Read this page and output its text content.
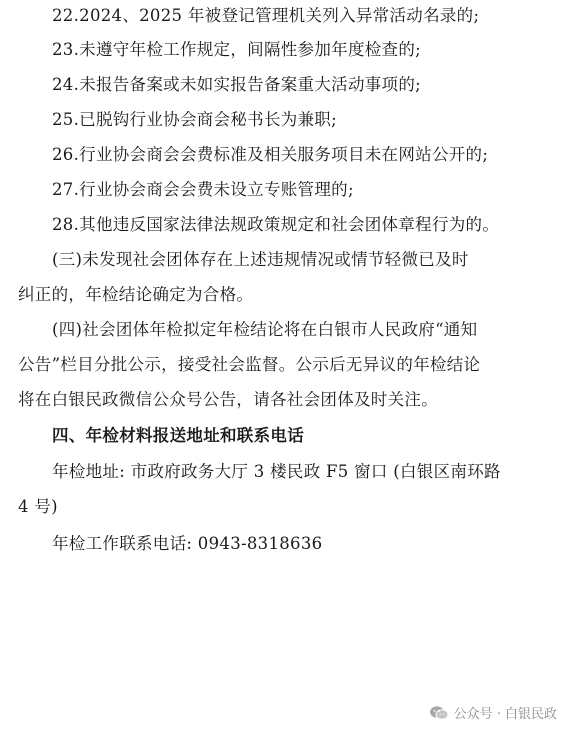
22.2024、2025 年被登记管理机关列入异常活动名录的;
23.未遵守年检工作规定，间隔性参加年度检查的;
24.未报告备案或未如实报告备案重大活动事项的;
25.已脱钩行业协会商会秘书长为兼职;
26.行业协会商会会费标准及相关服务项目未在网站公开的;
27.行业协会商会会费未设立专账管理的;
28.其他违反国家法律法规政策规定和社会团体章程行为的。
(三)未发现社会团体存在上述违规情况或情节轻微已及时
纠正的，年检结论确定为合格。
(四)社会团体年检拟定年检结论将在白银市人民政府“通知
公告”栏目分批公示，接受社会监督。公示后无异议的年检结论
将在白银民政微信公众号公告，请各社会团体及时关注。
四、年检材料报送地址和联系电话
年检地址: 市政府政务大厅 3 楼民政 F5 窗口 (白银区南环路
4 号)
年检工作联系电话: 0943-8318636
公众号 · 白银民政
